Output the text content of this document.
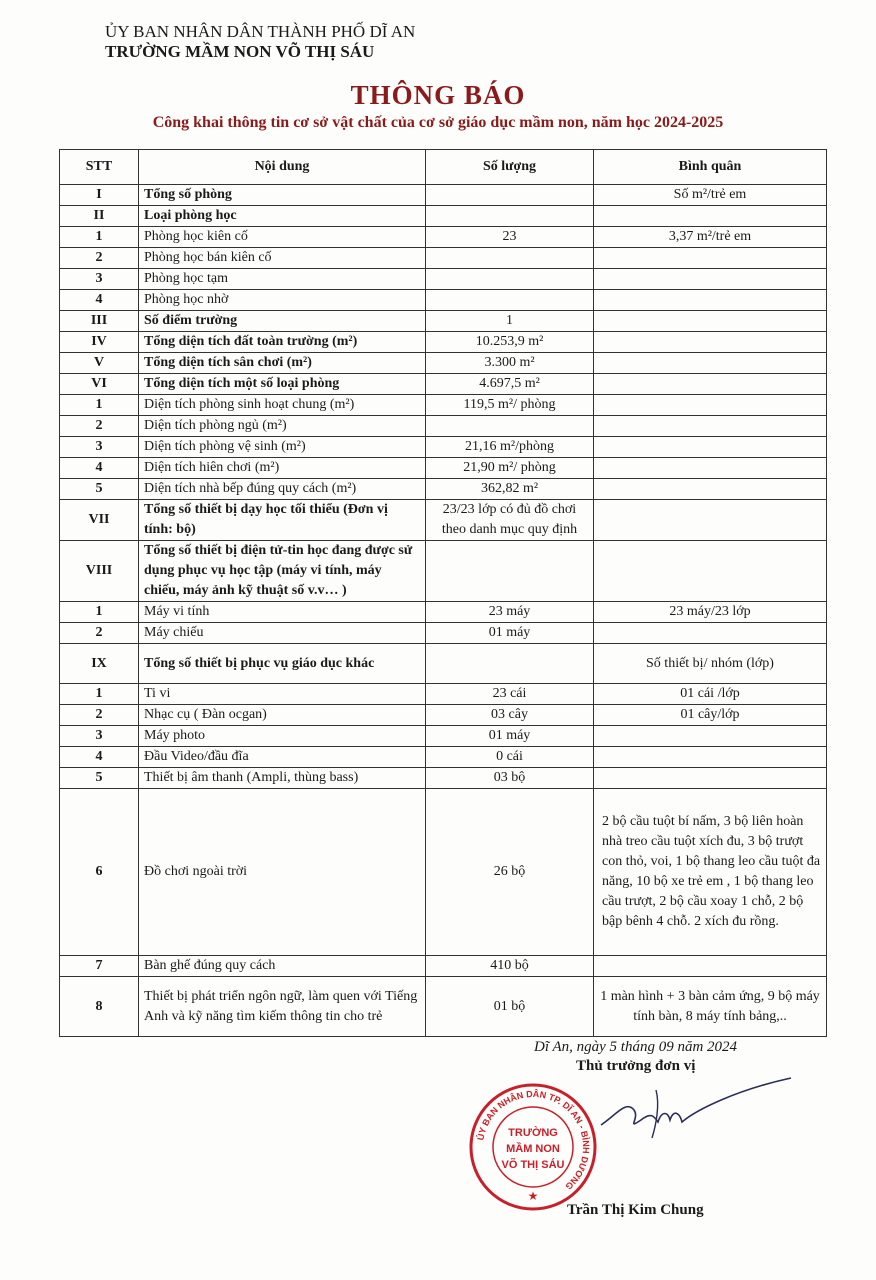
ỦY BAN NHÂN DÂN THÀNH PHỐ DĨ AN
TRƯỜNG MẦM NON VÕ THỊ SÁU
THÔNG BÁO
Công khai thông tin cơ sở vật chất của cơ sở giáo dục mầm non, năm học 2024-2025
STT	Nội dung	Số lượng	Bình quân
I	Tổng số phòng		Số m²/trẻ em
II	Loại phòng học		
1	Phòng học kiên cố	23	3,37 m²/trẻ em
2	Phòng học bán kiên cố		
3	Phòng học tạm		
4	Phòng học nhờ		
III	Số điểm trường	1	
IV	Tổng diện tích đất toàn trường (m²)	10.253,9 m²	
V	Tổng diện tích sân chơi (m²)	3.300 m²	
VI	Tổng diện tích một số loại phòng	4.697,5 m²	
1	Diện tích phòng sinh hoạt chung (m²)	119,5 m²/ phòng	
2	Diện tích phòng ngủ (m²)		
3	Diện tích phòng vệ sinh (m²)	21,16 m²/phòng	
4	Diện tích hiên chơi (m²)	21,90 m²/ phòng	
5	Diện tích nhà bếp đúng quy cách (m²)	362,82 m²	
VII	Tổng số thiết bị dạy học tối thiểu (Đơn vị tính: bộ)	23/23 lớp có đủ đồ chơi theo danh mục quy định	
VIII	Tổng số thiết bị điện tử-tin học đang được sử dụng phục vụ học tập (máy vi tính, máy chiếu, máy ảnh kỹ thuật số v.v… )		
1	Máy vi tính	23 máy	23 máy/23 lớp
2	Máy chiếu	01 máy	
IX	Tổng số thiết bị phục vụ giáo dục khác		Số thiết bị/ nhóm (lớp)
1	Ti vi	23 cái	01 cái /lớp
2	Nhạc cụ ( Đàn ocgan)	03 cây	01 cây/lớp
3	Máy photo	01 máy	
4	Đầu Video/đầu đĩa	0 cái	
5	Thiết bị âm thanh (Ampli, thùng bass)	03 bộ	
6	Đồ chơi ngoài trời	26 bộ	2 bộ cầu tuột bí nấm, 3 bộ liên hoàn nhà treo cầu tuột xích đu, 3 bộ trượt con thỏ, voi, 1 bộ thang leo cầu tuột đa năng, 10 bộ xe trẻ em , 1 bộ thang leo cầu trượt, 2 bộ cầu xoay 1 chỗ, 2 bộ bập bênh 4 chỗ. 2 xích đu rồng.
7	Bàn ghế đúng quy cách	410 bộ	
8	Thiết bị phát triển ngôn ngữ, làm quen với Tiếng Anh và kỹ năng tìm kiếm thông tin cho trẻ	01 bộ	1 màn hình + 3 bàn cảm ứng, 9 bộ máy tính bàn, 8 máy tính bảng,..
Dĩ An, ngày 5 tháng 09 năm 2024
Thủ trưởng đơn vị
ỦY BAN NHÂN DÂN TP. DĨ AN - BÌNH DƯƠNG
TRƯỜNG
MẦM NON
VÕ THỊ SÁU
★
Trần Thị Kim Chung
